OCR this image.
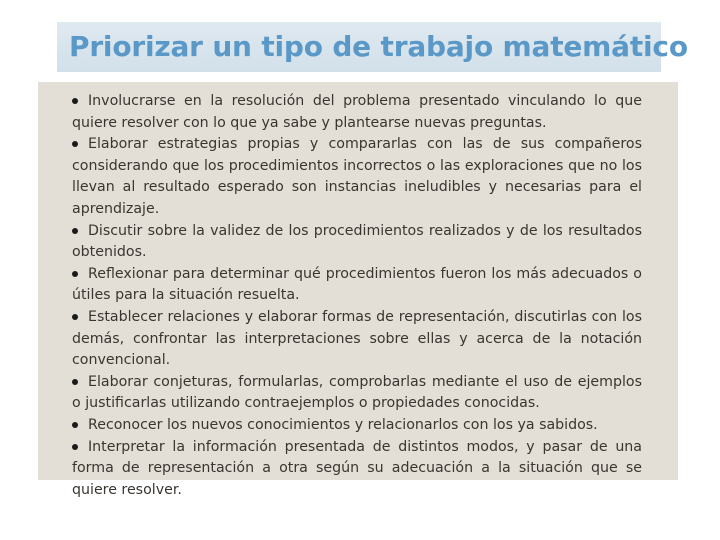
Priorizar un tipo de trabajo matemático
Involucrarse en la resolución del problema presentado vinculando lo que quiere resolver con lo que ya sabe y plantearse nuevas preguntas.
Elaborar estrategias propias y compararlas con las de sus compañeros considerando que los procedimientos incorrectos o las exploraciones que no los llevan al resultado esperado son instancias ineludibles y necesarias para el aprendizaje.
Discutir sobre la validez de los procedimientos realizados y de los resultados obtenidos.
Reflexionar para determinar qué procedimientos fueron los más adecuados o útiles para la situación resuelta.
Establecer relaciones y elaborar formas de representación, discutirlas con los demás, confrontar las interpretaciones sobre ellas y acerca de la notación convencional.
Elaborar conjeturas, formularlas, comprobarlas mediante el uso de ejemplos o justificarlas utilizando contraejemplos o propiedades conocidas.
Reconocer los nuevos conocimientos y relacionarlos con los ya sabidos.
Interpretar la información presentada de distintos modos, y pasar de una forma de representación a otra según su adecuación a la situación que se quiere resolver.
